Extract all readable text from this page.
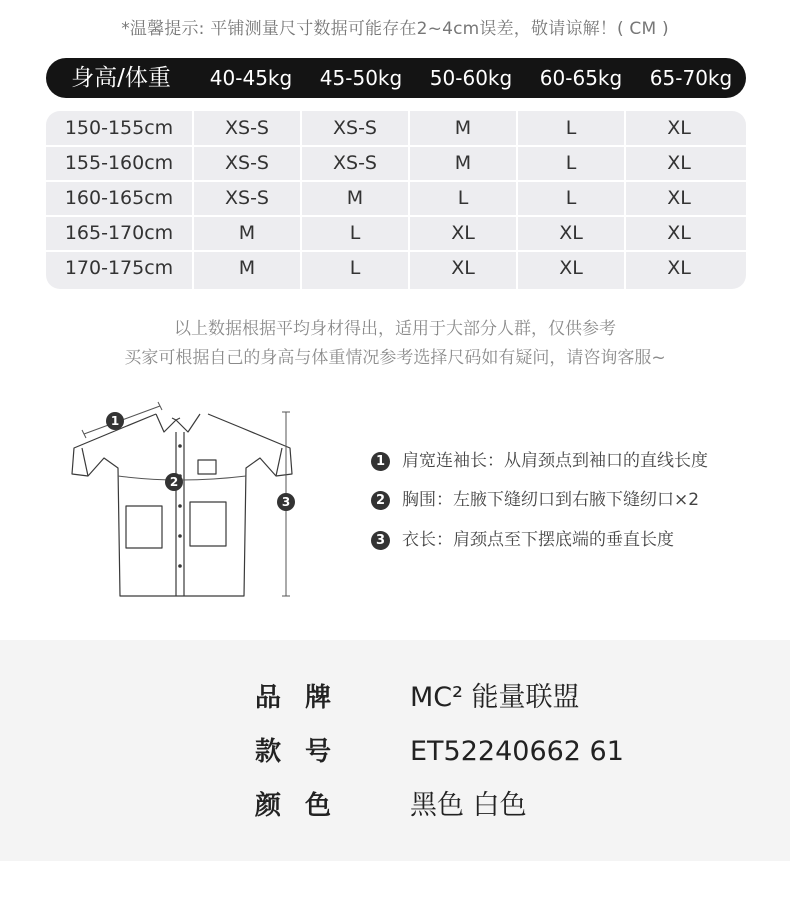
*温馨提示: 平铺测量尺寸数据可能存在2~4cm误差，敬请谅解！( CM )
身高/体重	40-45kg	45-50kg	50-60kg	60-65kg	65-70kg
150-155cm	XS-S	XS-S	M	L	XL
155-160cm	XS-S	XS-S	M	L	XL
160-165cm	XS-S	M	L	L	XL
165-170cm	M	L	XL	XL	XL
170-175cm	M	L	XL	XL	XL
以上数据根据平均身材得出，适用于大部分人群，仅供参考
买家可根据自己的身高与体重情况参考选择尺码如有疑问，请咨询客服~
1
2
3
1 肩宽连袖长：从肩颈点到袖口的直线长度
2 胸围：左腋下缝纫口到右腋下缝纫口×2
3 衣长：肩颈点至下摆底端的垂直长度
品牌 MC² 能量联盟
款号 ET52240662 61
颜色 黑色 白色
